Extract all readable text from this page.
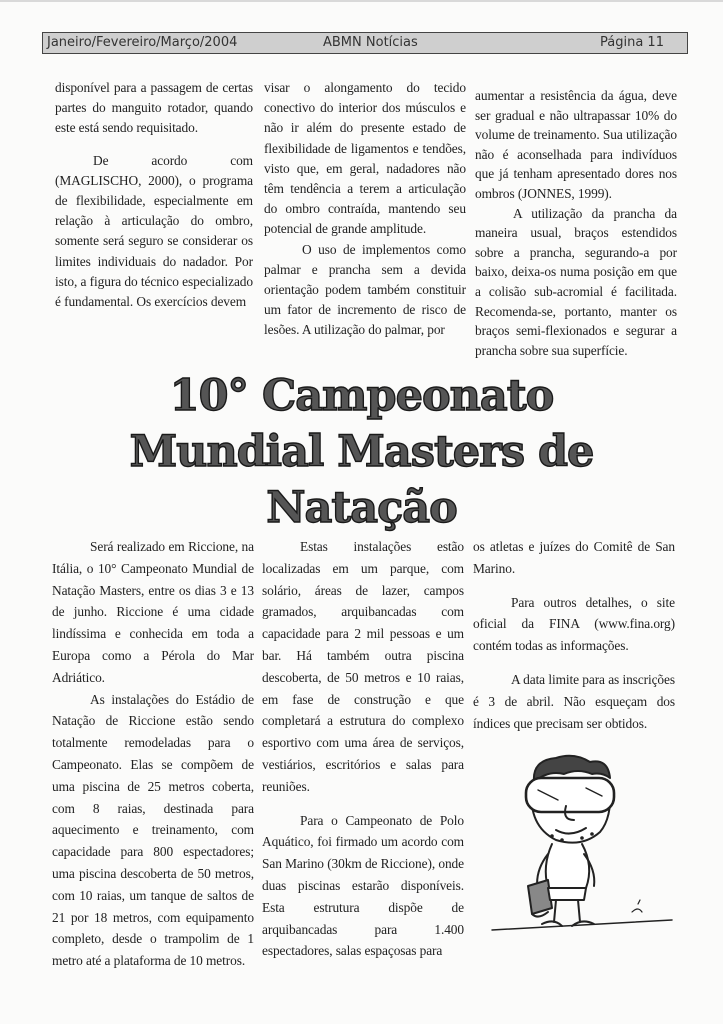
Janeiro/Fevereiro/Março/2004	ABMN Notícias	Página 11

disponível para a passagem de certas partes do manguito rotador, quando este está sendo requisitado.

De acordo com (MAGLISCHO, 2000), o programa de flexibilidade, especialmente em relação à articulação do ombro, somente será seguro se considerar os limites individuais do nadador. Por isto, a figura do técnico especializado é fundamental. Os exercícios devem

visar o alongamento do tecido conectivo do interior dos músculos e não ir além do presente estado de flexibilidade de ligamentos e tendões, visto que, em geral, nadadores não têm tendência a terem a articulação do ombro contraída, mantendo seu potencial de grande amplitude.

O uso de implementos como palmar e prancha sem a devida orientação podem também constituir um fator de incremento de risco de lesões. A utilização do palmar, por

aumentar a resistência da água, deve ser gradual e não ultrapassar 10% do volume de treinamento. Sua utilização não é aconselhada para indivíduos que já tenham apresentado dores nos ombros (JONNES, 1999).

A utilização da prancha da maneira usual, braços estendidos sobre a prancha, segurando-a por baixo, deixa-os numa posição em que a colisão sub-acromial é facilitada. Recomenda-se, portanto, manter os braços semi-flexionados e segurar a prancha sobre sua superfície.

10° Campeonato
Mundial Masters de
Natação

Será realizado em Riccione, na Itália, o 10° Campeonato Mundial de Natação Masters, entre os dias 3 e 13 de junho. Riccione é uma cidade lindíssima e conhecida em toda a Europa como a Pérola do Mar Adriático.

As instalações do Estádio de Natação de Riccione estão sendo totalmente remodeladas para o Campeonato. Elas se compõem de uma piscina de 25 metros coberta, com 8 raias, destinada para aquecimento e treinamento, com capacidade para 800 espectadores; uma piscina descoberta de 50 metros, com 10 raias, um tanque de saltos de 21 por 18 metros, com equipamento completo, desde o trampolim de 1 metro até a plataforma de 10 metros.

Estas instalações estão localizadas em um parque, com solário, áreas de lazer, campos gramados, arquibancadas com capacidade para 2 mil pessoas e um bar. Há também outra piscina descoberta, de 50 metros e 10 raias, em fase de construção e que completará a estrutura do complexo esportivo com uma área de serviços, vestiários, escritórios e salas para reuniões.

Para o Campeonato de Polo Aquático, foi firmado um acordo com San Marino (30km de Riccione), onde duas piscinas estarão disponíveis. Esta estrutura dispõe de arquibancadas para 1.400 espectadores, salas espaçosas para

os atletas e juízes do Comitê de San Marino.

Para outros detalhes, o site oficial da FINA (www.fina.org) contém todas as informações.

A data limite para as inscrições é 3 de abril. Não esqueçam dos índices que precisam ser obtidos.
